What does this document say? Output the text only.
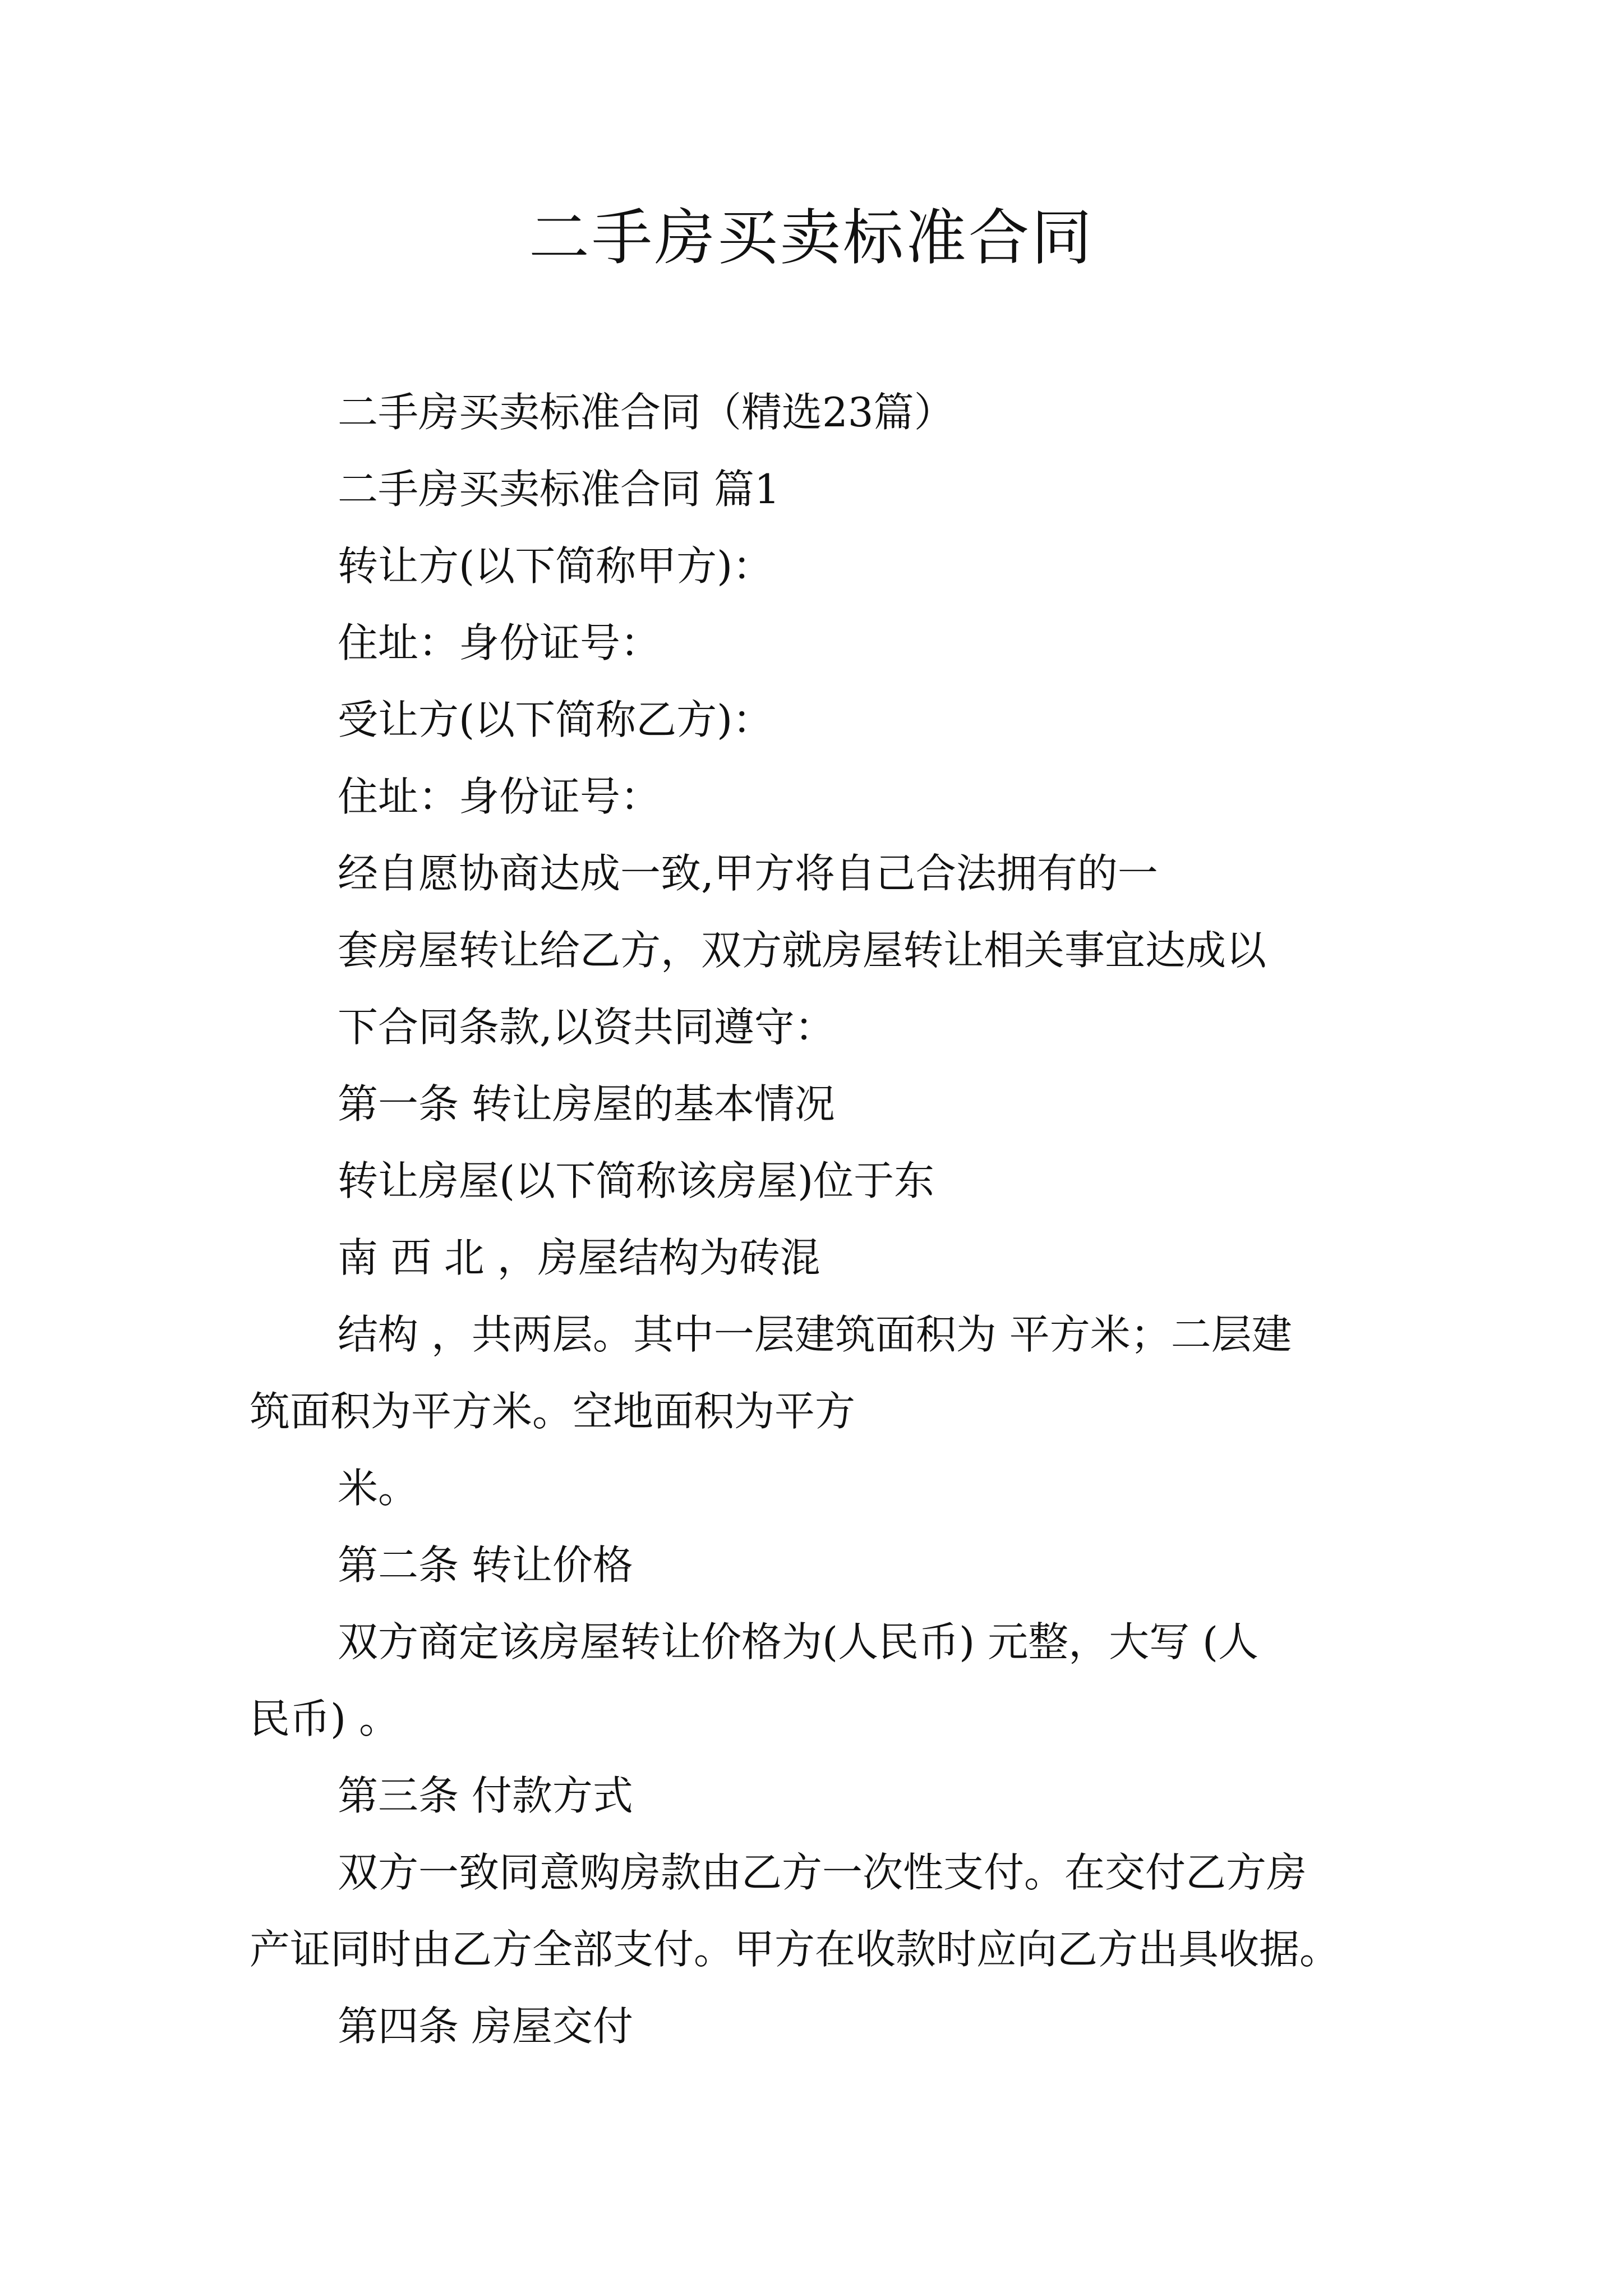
二手房买卖标准合同
二手房买卖标准合同（精选23篇）
二手房买卖标准合同 篇1
转让方(以下简称甲方)：
住址：身份证号：
受让方(以下简称乙方)：
住址：身份证号：
经自愿协商达成一致,甲方将自己合法拥有的一
套房屋转让给乙方，双方就房屋转让相关事宜达成以
下合同条款,以资共同遵守：
第一条 转让房屋的基本情况
转让房屋(以下简称该房屋)位于东
南 西 北 ，房屋结构为砖混
结构 ，共两层。其中一层建筑面积为 平方米；二层建
筑面积为平方米。空地面积为平方
米。
第二条 转让价格
双方商定该房屋转让价格为(人民币) 元整，大写 (人
民币) 。
第三条 付款方式
双方一致同意购房款由乙方一次性支付。在交付乙方房
产证同时由乙方全部支付。甲方在收款时应向乙方出具收据。
第四条 房屋交付
